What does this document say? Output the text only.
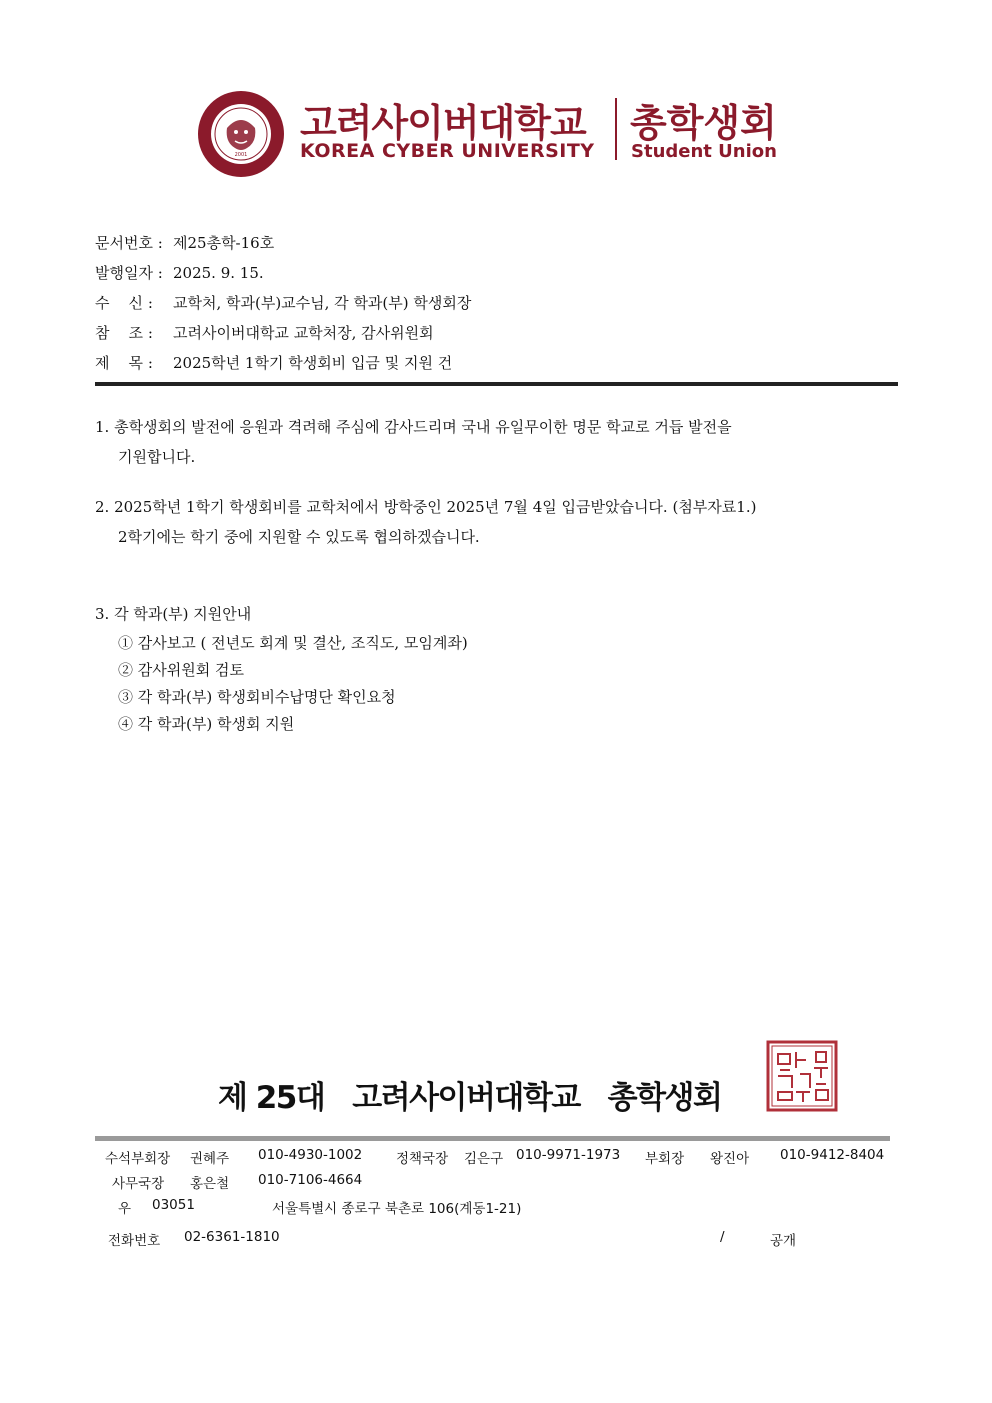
2001
고려사이버대학교
KOREA CYBER UNIVERSITY
총학생회
Student Union
문서번호 : 제25총학-16호
발행일자 : 2025. 9. 15.
수    신 : 교학처, 학과(부)교수님, 각 학과(부) 학생회장
참    조 : 고려사이버대학교 교학처장, 감사위원회
제    목 : 2025학년 1학기 학생회비 입금 및 지원 건
1. 총학생회의 발전에 응원과 격려해 주심에 감사드리며 국내 유일무이한 명문 학교로 거듭 발전을
기원합니다.
2. 2025학년 1학기 학생회비를 교학처에서 방학중인 2025년 7월 4일 입금받았습니다. (첨부자료1.)
2학기에는 학기 중에 지원할 수 있도록 협의하겠습니다.
3. 각 학과(부) 지원안내
① 감사보고 ( 전년도 회계 및 결산, 조직도, 모임계좌)
② 감사위원회 검토
③ 각 학과(부) 학생회비수납명단 확인요청
④ 각 학과(부) 학생회 지원
제 25대   고려사이버대학교   총학생회
수석부회장 권혜주 010-4930-1002	정책국장 김은구 010-9971-1973 부회장 왕진아 010-9412-8404
사무국장 홍은철 010-7106-4664
우 03051	서울특별시 종로구 북촌로 106(계동1-21)
전화번호 02-6361-1810	/	공개
